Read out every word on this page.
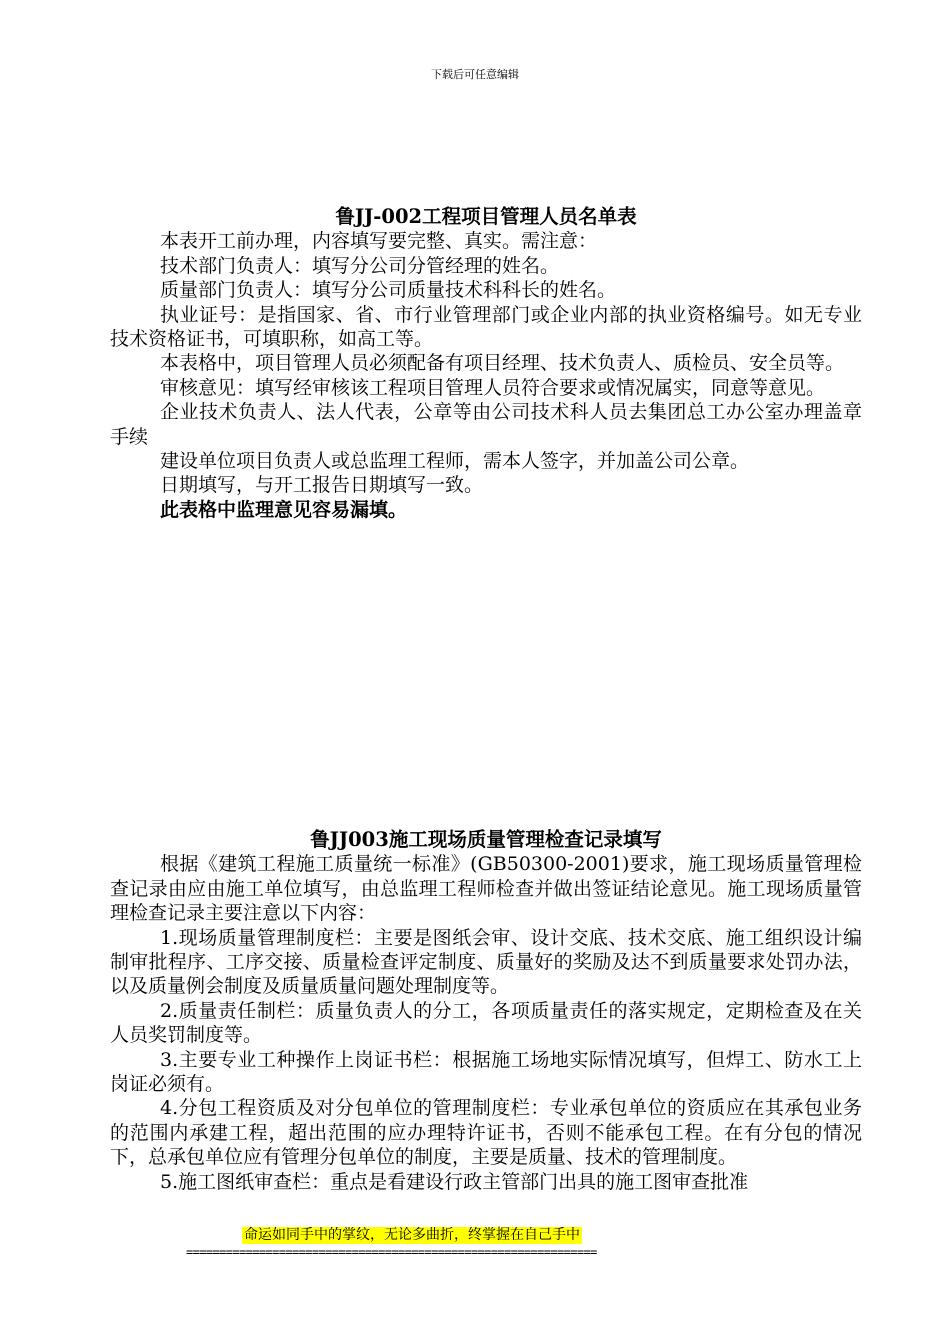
下载后可任意编辑

鲁JJ-002工程项目管理人员名单表

本表开工前办理，内容填写要完整、真实。需注意：

技术部门负责人：填写分公司分管经理的姓名。

质量部门负责人：填写分公司质量技术科科长的姓名。

执业证号：是指国家、省、市行业管理部门或企业内部的执业资格编号。如无专业技术资格证书，可填职称，如高工等。

本表格中，项目管理人员必须配备有项目经理、技术负责人、质检员、安全员等。

审核意见：填写经审核该工程项目管理人员符合要求或情况属实，同意等意见。

企业技术负责人、法人代表，公章等由公司技术科人员去集团总工办公室办理盖章手续

建设单位项目负责人或总监理工程师，需本人签字，并加盖公司公章。

日期填写，与开工报告日期填写一致。

此表格中监理意见容易漏填。

鲁JJ003施工现场质量管理检查记录填写

根据《建筑工程施工质量统一标准》(GB50300-2001)要求，施工现场质量管理检查记录由应由施工单位填写，由总监理工程师检查并做出签证结论意见。施工现场质量管理检查记录主要注意以下内容：

1.现场质量管理制度栏：主要是图纸会审、设计交底、技术交底、施工组织设计编制审批程序、工序交接、质量检查评定制度、质量好的奖励及达不到质量要求处罚办法，以及质量例会制度及质量质量问题处理制度等。

2.质量责任制栏：质量负责人的分工，各项质量责任的落实规定，定期检查及在关人员奖罚制度等。

3.主要专业工种操作上岗证书栏：根据施工场地实际情况填写，但焊工、防水工上岗证必须有。

4.分包工程资质及对分包单位的管理制度栏：专业承包单位的资质应在其承包业务的范围内承建工程，超出范围的应办理特许证书，否则不能承包工程。在有分包的情况下，总承包单位应有管理分包单位的制度，主要是质量、技术的管理制度。

5.施工图纸审查栏：重点是看建设行政主管部门出具的施工图审查批准

命运如同手中的掌纹，无论多曲折，终掌握在自己手中
==============================================================
